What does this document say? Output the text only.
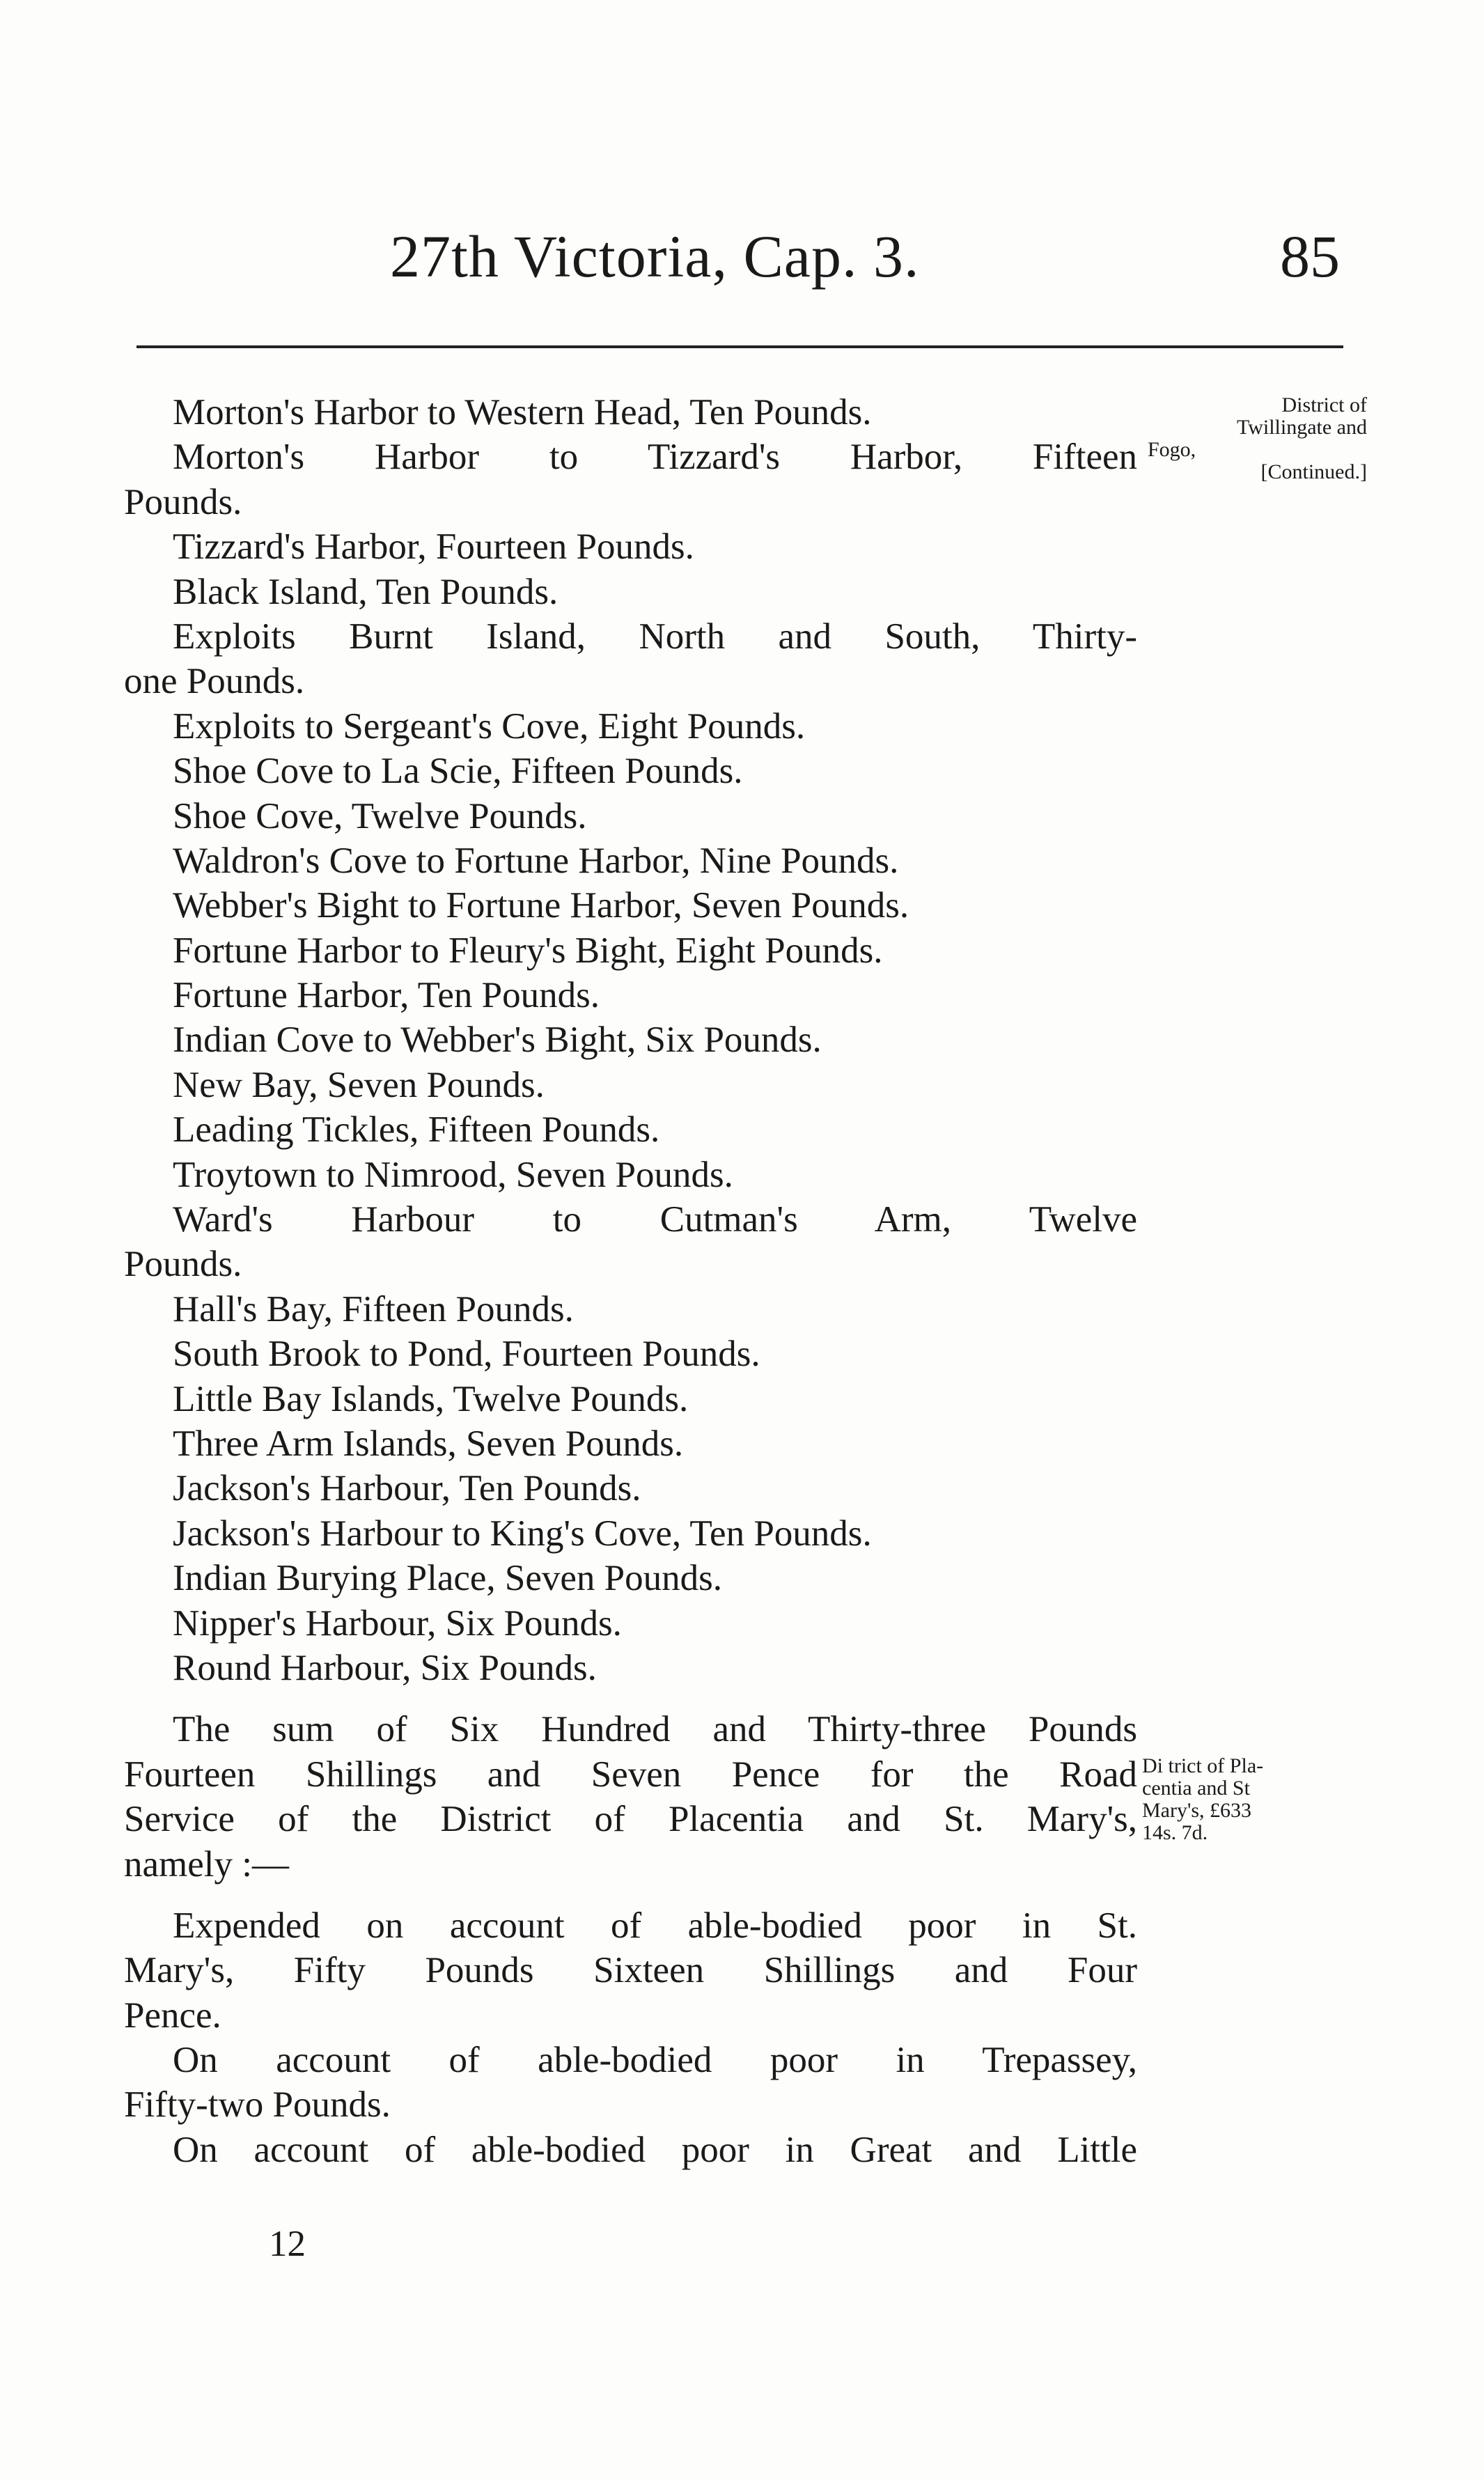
27th Victoria, Cap. 3.	85
District of
Twillingate and
Fogo,
[Continued.]
Morton's Harbor to Western Head, Ten Pounds.
Morton's Harbor to Tizzard's Harbor, Fifteen
Pounds.
Tizzard's Harbor, Fourteen Pounds.
Black Island, Ten Pounds.
Exploits Burnt Island, North and South, Thirty-
one Pounds.
Exploits to Sergeant's Cove, Eight Pounds.
Shoe Cove to La Scie, Fifteen Pounds.
Shoe Cove, Twelve Pounds.
Waldron's Cove to Fortune Harbor, Nine Pounds.
Webber's Bight to Fortune Harbor, Seven Pounds.
Fortune Harbor to Fleury's Bight, Eight Pounds.
Fortune Harbor, Ten Pounds.
Indian Cove to Webber's Bight, Six Pounds.
New Bay, Seven Pounds.
Leading Tickles, Fifteen Pounds.
Troytown to Nimrood, Seven Pounds.
Ward's Harbour to Cutman's Arm, Twelve
Pounds.
Hall's Bay, Fifteen Pounds.
South Brook to Pond, Fourteen Pounds.
Little Bay Islands, Twelve Pounds.
Three Arm Islands, Seven Pounds.
Jackson's Harbour, Ten Pounds.
Jackson's Harbour to King's Cove, Ten Pounds.
Indian Burying Place, Seven Pounds.
Nipper's Harbour, Six Pounds.
Round Harbour, Six Pounds.
The sum of Six Hundred and Thirty-three Pounds
Fourteen Shillings and Seven Pence for the Road
Service of the District of Placentia and St. Mary's,
namely :—
Expended on account of able-bodied poor in St.
Mary's, Fifty Pounds Sixteen Shillings and Four
Pence.
On account of able-bodied poor in Trepassey,
Fifty-two Pounds.
On account of able-bodied poor in Great and Little
Di trict of Pla-
centia and St
Mary's, £633
14s. 7d.
12
